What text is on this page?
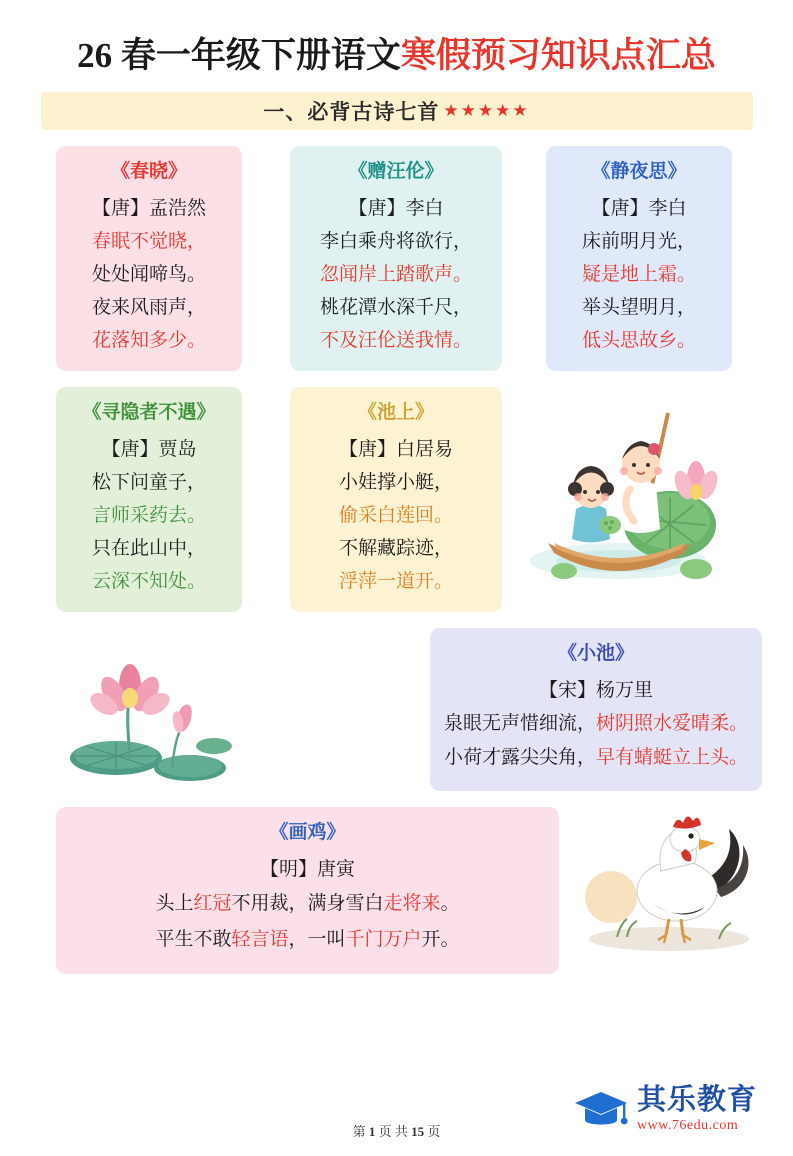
26 春一年级下册语文寒假预习知识点汇总
一、必背古诗七首 ★★★★★
《春晓》
【唐】孟浩然
春眠不觉晓，
处处闻啼鸟。
夜来风雨声，
花落知多少。
《赠汪伦》
【唐】李白
李白乘舟将欲行，
忽闻岸上踏歌声。
桃花潭水深千尺，
不及汪伦送我情。
《静夜思》
【唐】李白
床前明月光，
疑是地上霜。
举头望明月，
低头思故乡。
《寻隐者不遇》
【唐】贾岛
松下问童子，
言师采药去。
只在此山中，
云深不知处。
《池上》
【唐】白居易
小娃撑小艇，
偷采白莲回。
不解藏踪迹，
浮萍一道开。
《小池》
【宋】杨万里
泉眼无声惜细流，树阴照水爱晴柔。
小荷才露尖尖角，早有蜻蜓立上头。
《画鸡》
【明】唐寅
头上红冠不用裁，满身雪白走将来。
平生不敢轻言语，一叫千门万户开。
其乐教育
www.76edu.com
第 1 页 共 15 页
